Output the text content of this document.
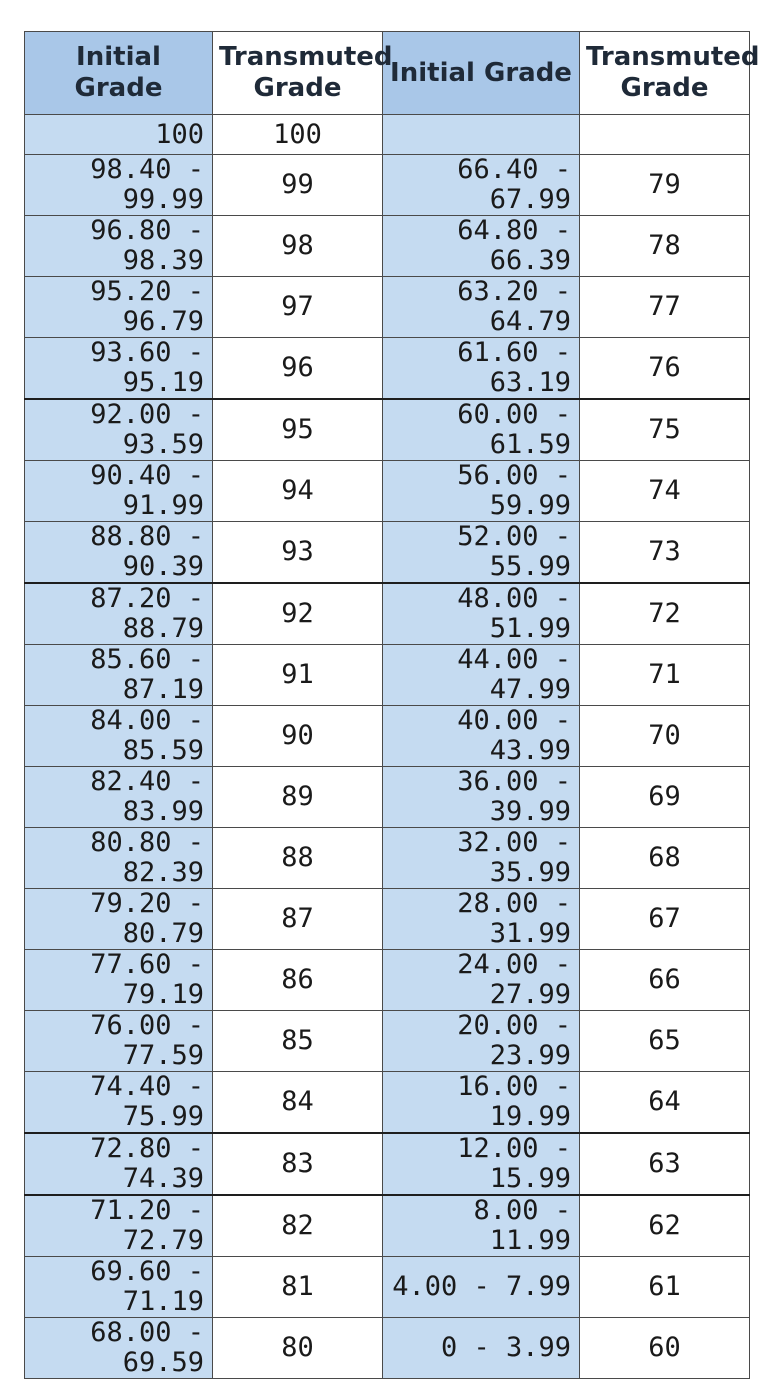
Initial Grade	Transmuted Grade	Initial Grade	Transmuted Grade
100	100		
98.40 - 99.99	99	66.40 - 67.99	79
96.80 - 98.39	98	64.80 - 66.39	78
95.20 - 96.79	97	63.20 - 64.79	77
93.60 - 95.19	96	61.60 - 63.19	76
92.00 - 93.59	95	60.00 - 61.59	75
90.40 - 91.99	94	56.00 - 59.99	74
88.80 - 90.39	93	52.00 - 55.99	73
87.20 - 88.79	92	48.00 - 51.99	72
85.60 - 87.19	91	44.00 - 47.99	71
84.00 - 85.59	90	40.00 - 43.99	70
82.40 - 83.99	89	36.00 - 39.99	69
80.80 - 82.39	88	32.00 - 35.99	68
79.20 - 80.79	87	28.00 - 31.99	67
77.60 - 79.19	86	24.00 - 27.99	66
76.00 - 77.59	85	20.00 - 23.99	65
74.40 - 75.99	84	16.00 - 19.99	64
72.80 - 74.39	83	12.00 - 15.99	63
71.20 - 72.79	82	8.00 - 11.99	62
69.60 - 71.19	81	4.00 - 7.99	61
68.00 - 69.59	80	0 - 3.99	60
